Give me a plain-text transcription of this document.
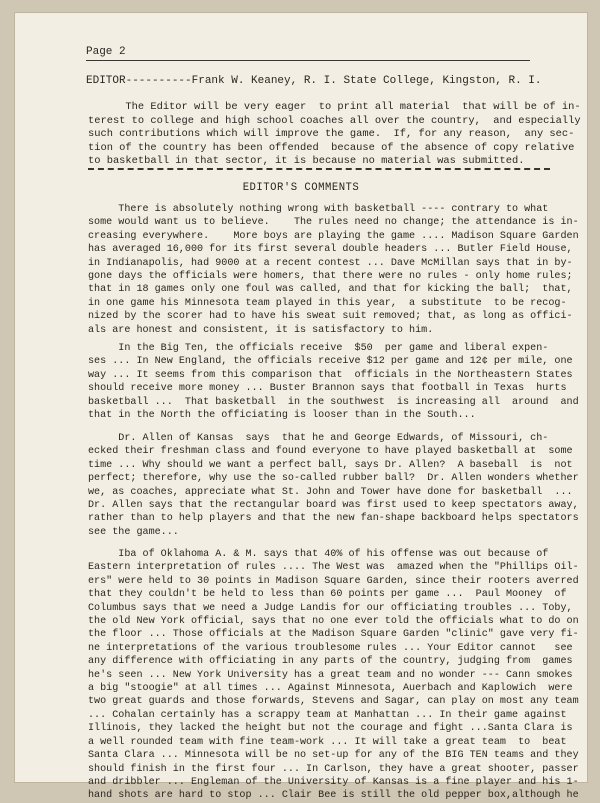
Page 2
EDITOR----------Frank W. Keaney, R. I. State College, Kingston, R. I.
The Editor will be very eager  to print all material  that will be of in-
terest to college and high school coaches all over the country,  and especially
such contributions which will improve the game.  If, for any reason,  any sec-
tion of the country has been offended  because of the absence of copy relative
to basketball in that sector, it is because no material was submitted.
EDITOR'S COMMENTS
There is absolutely nothing wrong with basketball ---- contrary to what
some would want us to believe.    The rules need no change; the attendance is in-
creasing everywhere.    More boys are playing the game .... Madison Square Garden
has averaged 16,000 for its first several double headers ... Butler Field House,
in Indianapolis, had 9000 at a recent contest ... Dave McMillan says that in by-
gone days the officials were homers, that there were no rules - only home rules;
that in 18 games only one foul was called, and that for kicking the ball;  that,
in one game his Minnesota team played in this year,  a substitute  to be recog-
nized by the scorer had to have his sweat suit removed; that, as long as offici-
als are honest and consistent, it is satisfactory to him.
In the Big Ten, the officials receive  $50  per game and liberal expen-
ses ... In New England, the officials receive $12 per game and 12¢ per mile, one
way ... It seems from this comparison that  officials in the Northeastern States
should receive more money ... Buster Brannon says that football in Texas  hurts
basketball ...  That basketball  in the southwest  is increasing all  around  and
that in the North the officiating is looser than in the South...
Dr. Allen of Kansas  says  that he and George Edwards, of Missouri, ch-
ecked their freshman class and found everyone to have played basketball at  some
time ... Why should we want a perfect ball, says Dr. Allen?  A baseball  is  not
perfect; therefore, why use the so-called rubber ball?  Dr. Allen wonders whether
we, as coaches, appreciate what St. John and Tower have done for basketball  ...
Dr. Allen says that the rectangular board was first used to keep spectators away,
rather than to help players and that the new fan-shape backboard helps spectators
see the game...
Iba of Oklahoma A. & M. says that 40% of his offense was out because of
Eastern interpretation of rules .... The West was  amazed when the "Phillips Oil-
ers" were held to 30 points in Madison Square Garden, since their rooters averred
that they couldn't be held to less than 60 points per game ...  Paul Mooney  of
Columbus says that we need a Judge Landis for our officiating troubles ... Toby,
the old New York official, says that no one ever told the officials what to do on
the floor ... Those officials at the Madison Square Garden "clinic" gave very fi-
ne interpretations of the various troublesome rules ... Your Editor cannot   see
any difference with officiating in any parts of the country, judging from  games
he's seen ... New York University has a great team and no wonder --- Cann smokes
a big "stoogie" at all times ... Against Minnesota, Auerbach and Kaplowich  were
two great guards and those forwards, Stevens and Sagar, can play on most any team
... Cohalan certainly has a scrappy team at Manhattan ... In their game against
Illinois, they lacked the height but not the courage and fight ...Santa Clara is
a well rounded team with fine team-work ... It will take a great team  to  beat
Santa Clara ... Minnesota will be no set-up for any of the BIG TEN teams and they
should finish in the first four ... In Carlson, they have a great shooter, passer
and dribbler ... Engleman of the University of Kansas is a fine player and his 1-
hand shots are hard to stop ... Clair Bee is still the old pepper box,although he
